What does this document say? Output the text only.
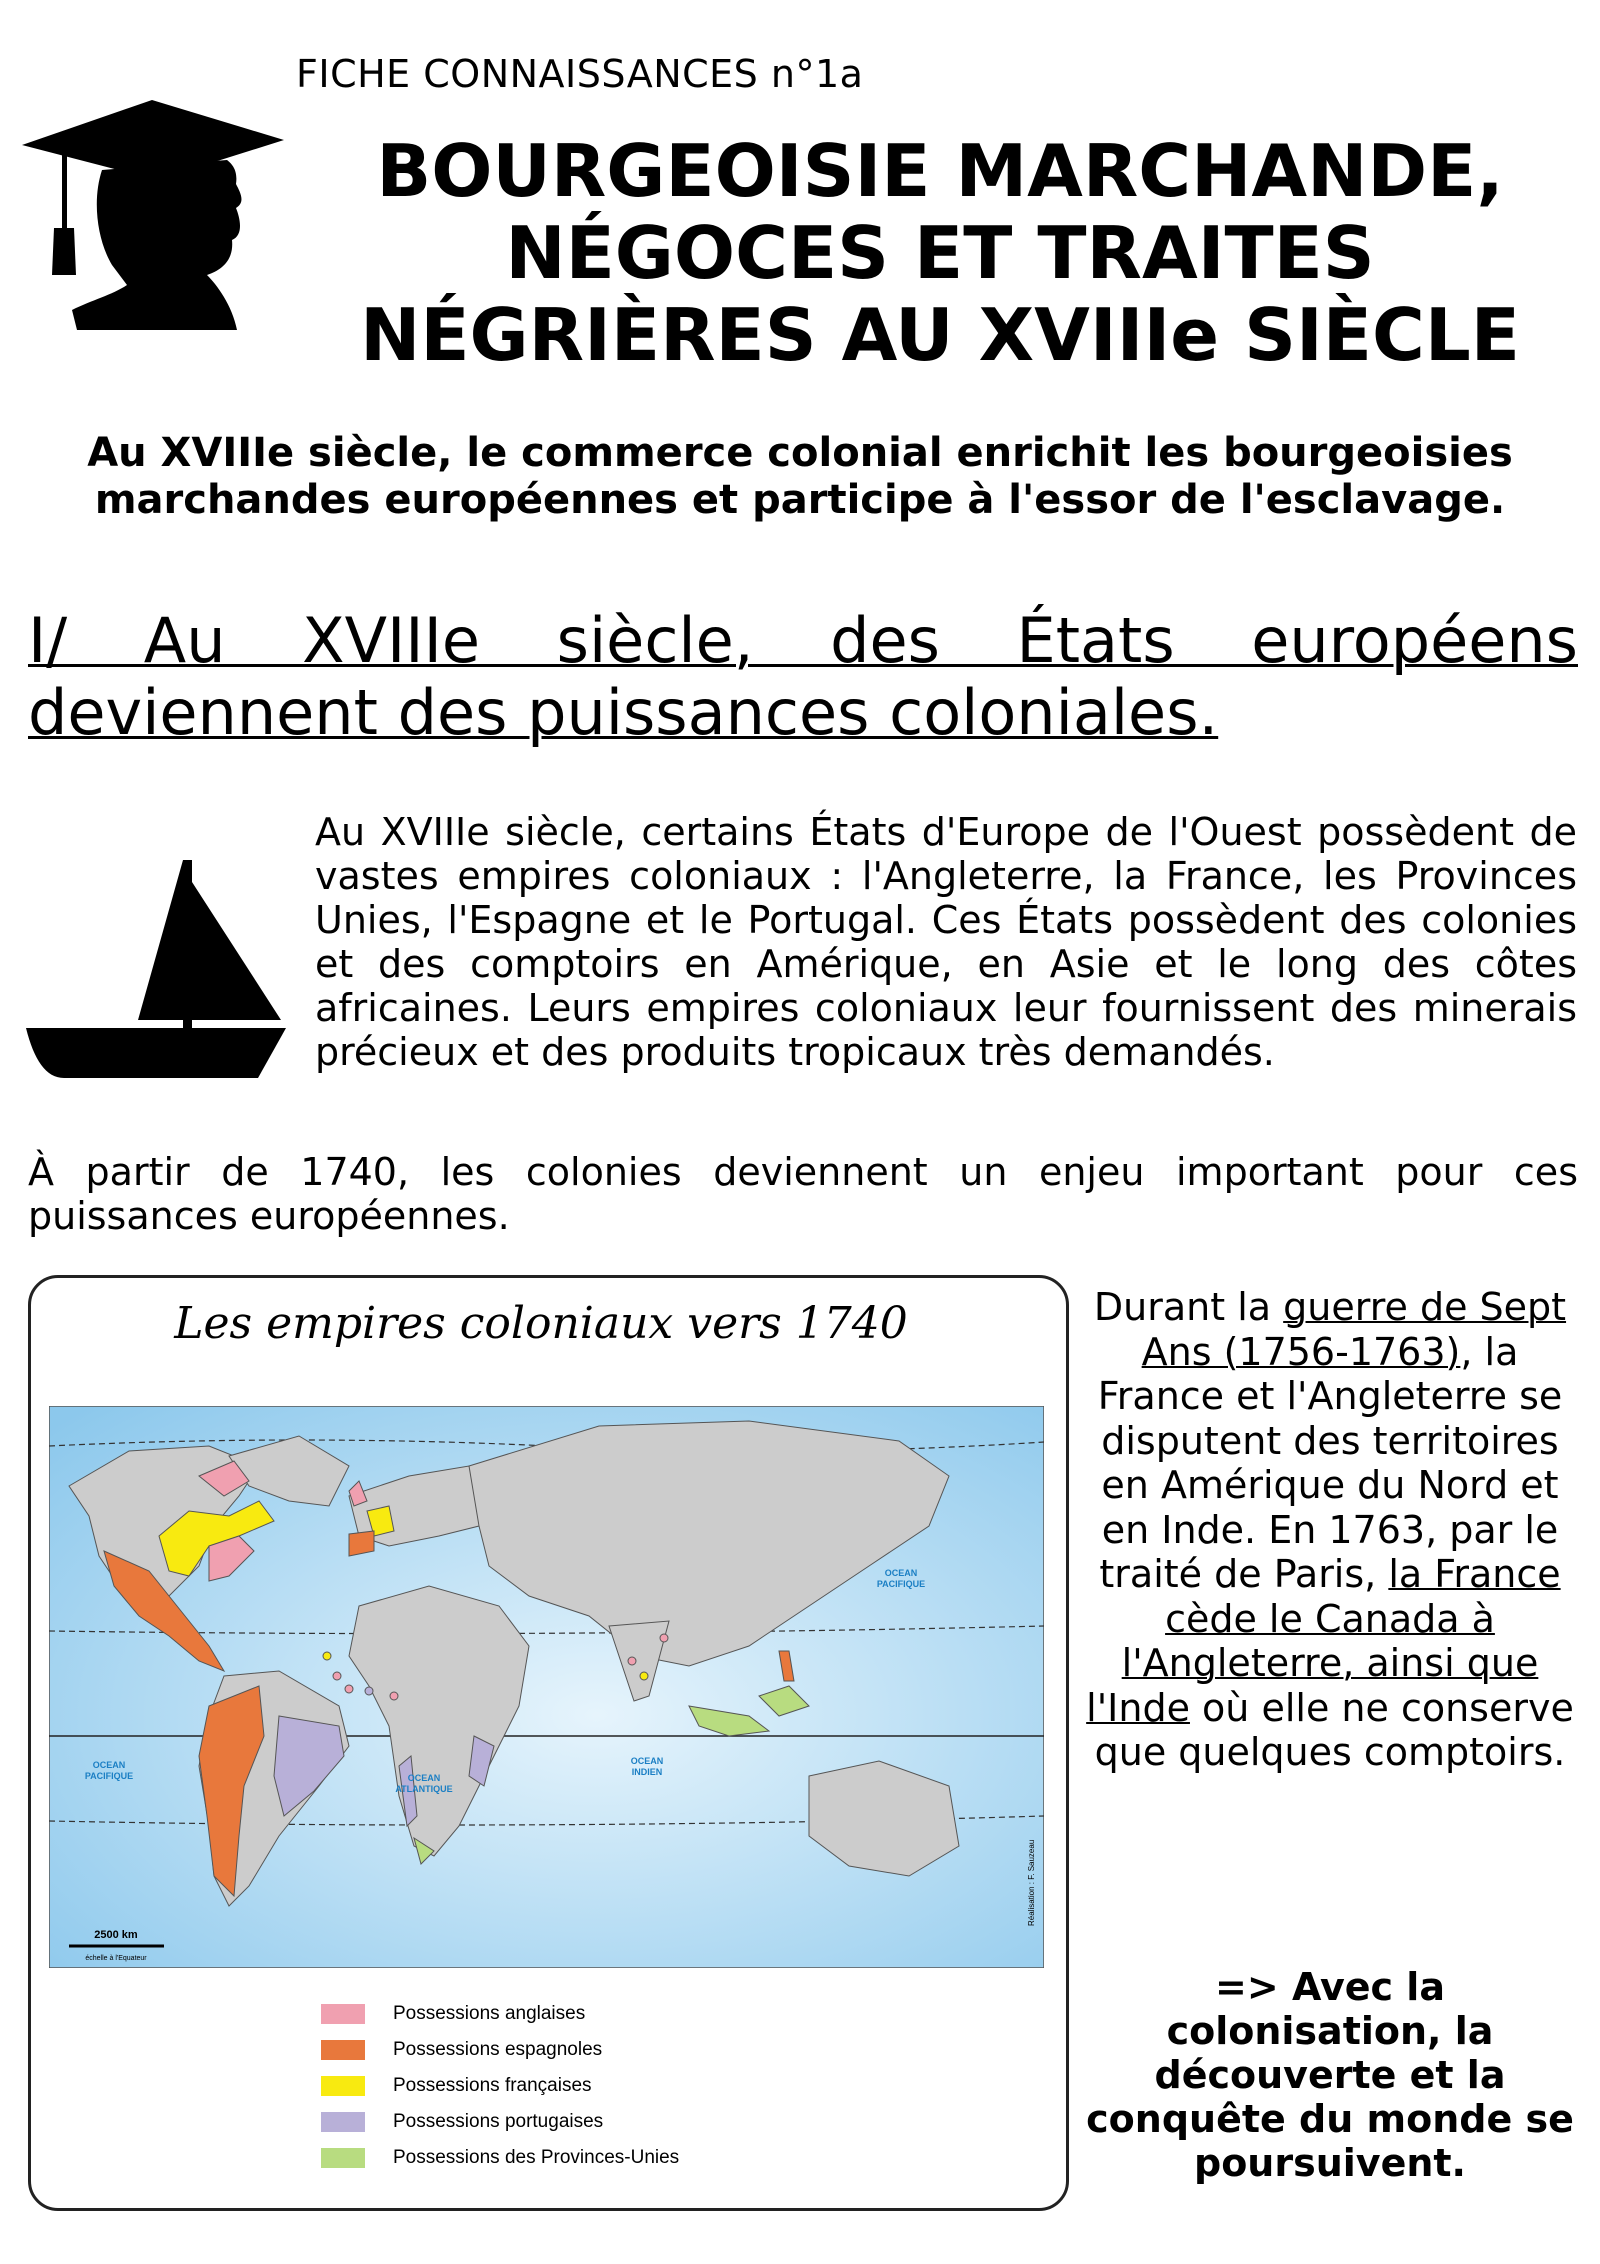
FICHE CONNAISSANCES n°1a
BOURGEOISIE MARCHANDE,
NÉGOCES ET TRAITES
NÉGRIÈRES AU XVIIIe SIÈCLE
Au XVIIIe siècle, le commerce colonial enrichit les bourgeoisies
marchandes européennes et participe à l'essor de l'esclavage.
I/ Au XVIIIe siècle, des États européens
deviennent des puissances coloniales.
Au XVIIIe siècle, certains États d'Europe de l'Ouest possèdent de vastes empires coloniaux : l'Angleterre, la France, les Provinces Unies, l'Espagne et le Portugal. Ces États possèdent des colonies et des comptoirs en Amérique, en Asie et le long des côtes africaines. Leurs empires coloniaux leur fournissent des minerais précieux et des produits tropicaux très demandés.
À partir de 1740, les colonies deviennent un enjeu important pour ces puissances européennes.
Les empires coloniaux vers 1740
OCEAN
PACIFIQUE
OCEAN
PACIFIQUE	OCEAN
ATLANTIQUE
OCEAN
INDIEN
2500 km
échelle à l'Equateur
Réalisation : F. Sauzeau
Possessions anglaises
Possessions espagnoles
Possessions françaises
Possessions portugaises
Possessions des Provinces-Unies
Durant la guerre de Sept Ans (1756-1763), la France et l'Angleterre se disputent des territoires en Amérique du Nord et en Inde. En 1763, par le traité de Paris, la France cède le Canada à l'Angleterre, ainsi que l'Inde où elle ne conserve que quelques comptoirs.
=> Avec la colonisation, la découverte et la conquête du monde se poursuivent.
